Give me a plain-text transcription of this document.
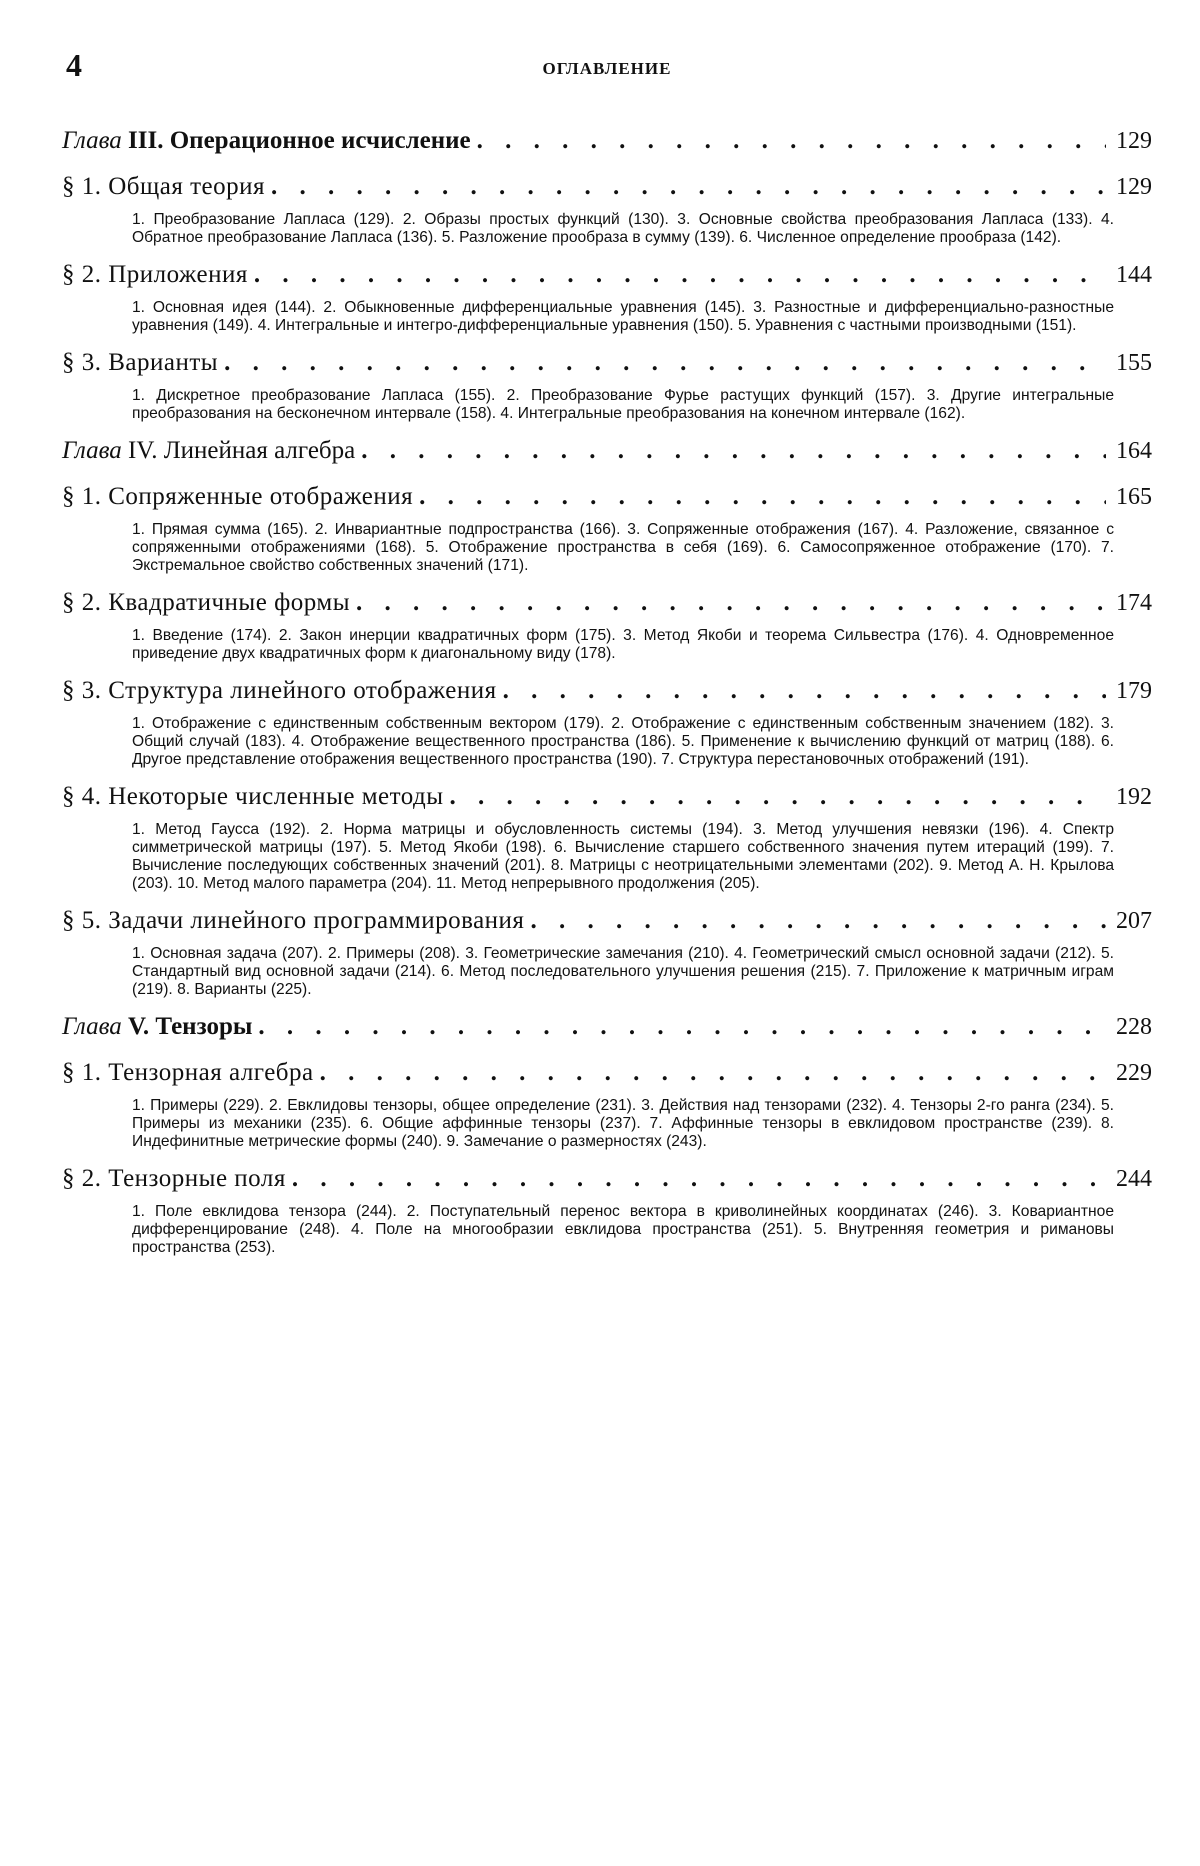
4	ОГЛАВЛЕНИЕ
Глава III. Операционное исчисление . . .	129
§ 1. Общая теория . . .	129
1. Преобразование Лапласа (129). 2. Образы простых функций (130). 3. Основные свойства преобразования Лапласа (133). 4. Обратное преобразование Лапласа (136). 5. Разложение прообраза в сумму (139). 6. Численное определение прообраза (142).
§ 2. Приложения . . .	144
1. Основная идея (144). 2. Обыкновенные дифференциальные уравнения (145). 3. Разностные и дифференциально-разностные уравнения (149). 4. Интегральные и интегро-дифференциальные уравнения (150). 5. Уравнения с частными производными (151).
§ 3. Варианты . . .	155
1. Дискретное преобразование Лапласа (155). 2. Преобразование Фурье растущих функций (157). 3. Другие интегральные преобразования на бесконечном интервале (158). 4. Интегральные преобразования на конечном интервале (162).
Глава IV. Линейная алгебра . . .	164
§ 1. Сопряженные отображения . . .	165
1. Прямая сумма (165). 2. Инвариантные подпространства (166). 3. Сопряженные отображения (167). 4. Разложение, связанное с сопряженными отображениями (168). 5. Отображение пространства в себя (169). 6. Самосопряженное отображение (170). 7. Экстремальное свойство собственных значений (171).
§ 2. Квадратичные формы . . .	174
1. Введение (174). 2. Закон инерции квадратичных форм (175). 3. Метод Якоби и теорема Сильвестра (176). 4. Одновременное приведение двух квадратичных форм к диагональному виду (178).
§ 3. Структура линейного отображения . . .	179
1. Отображение с единственным собственным вектором (179). 2. Отображение с единственным собственным значением (182). 3. Общий случай (183). 4. Отображение вещественного пространства (186). 5. Применение к вычислению функций от матриц (188). 6. Другое представление отображения вещественного пространства (190). 7. Структура перестановочных отображений (191).
§ 4. Некоторые численные методы . . .	192
1. Метод Гаусса (192). 2. Норма матрицы и обусловленность системы (194). 3. Метод улучшения невязки (196). 4. Спектр симметрической матрицы (197). 5. Метод Якоби (198). 6. Вычисление старшего собственного значения путем итераций (199). 7. Вычисление последующих собственных значений (201). 8. Матрицы с неотрицательными элементами (202). 9. Метод А. Н. Крылова (203). 10. Метод малого параметра (204). 11. Метод непрерывного продолжения (205).
§ 5. Задачи линейного программирования . . .	207
1. Основная задача (207). 2. Примеры (208). 3. Геометрические замечания (210). 4. Геометрический смысл основной задачи (212). 5. Стандартный вид основной задачи (214). 6. Метод последовательного улучшения решения (215). 7. Приложение к матричным играм (219). 8. Варианты (225).
Глава V. Тензоры . . .	228
§ 1. Тензорная алгебра . . .	229
1. Примеры (229). 2. Евклидовы тензоры, общее определение (231). 3. Действия над тензорами (232). 4. Тензоры 2-го ранга (234). 5. Примеры из механики (235). 6. Общие аффинные тензоры (237). 7. Аффинные тензоры в евклидовом пространстве (239). 8. Индефинитные метрические формы (240). 9. Замечание о размерностях (243).
§ 2. Тензорные поля . . .	244
1. Поле евклидова тензора (244). 2. Поступательный перенос вектора в криволинейных координатах (246). 3. Ковариантное дифференцирование (248). 4. Поле на многообразии евклидова пространства (251). 5. Внутренняя геометрия и римановы пространства (253).
